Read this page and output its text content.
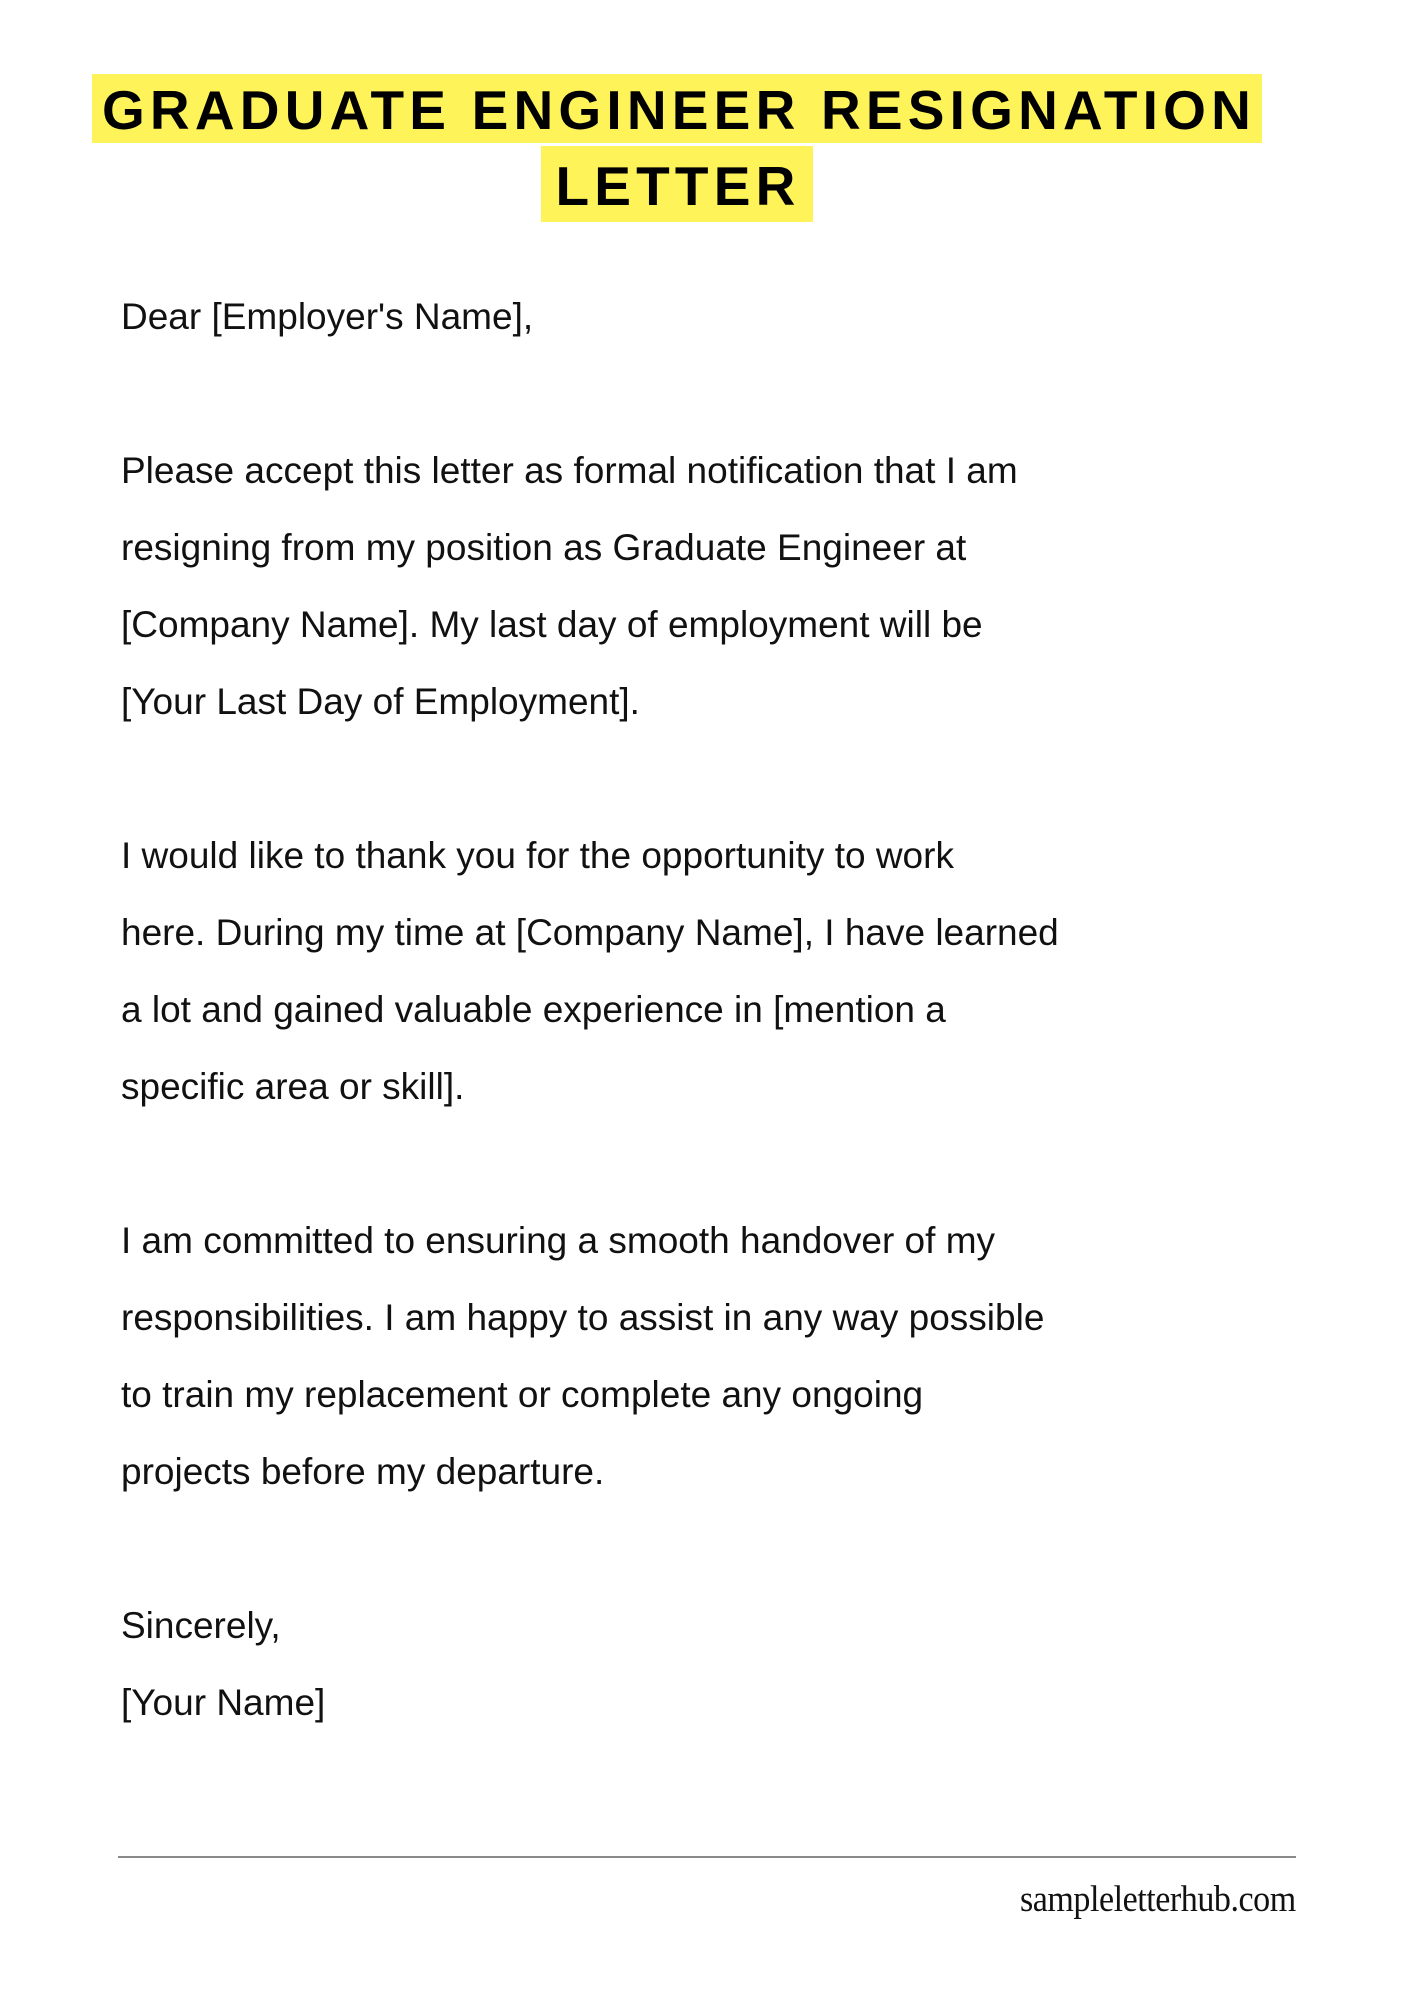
GRADUATE ENGINEER RESIGNATION
LETTER
Dear [Employer's Name],
Please accept this letter as formal notification that I am
resigning from my position as Graduate Engineer at
[Company Name]. My last day of employment will be
[Your Last Day of Employment].
I would like to thank you for the opportunity to work
here. During my time at [Company Name], I have learned
a lot and gained valuable experience in [mention a
specific area or skill].
I am committed to ensuring a smooth handover of my
responsibilities. I am happy to assist in any way possible
to train my replacement or complete any ongoing
projects before my departure.
Sincerely,
[Your Name]
sampleletterhub.com
